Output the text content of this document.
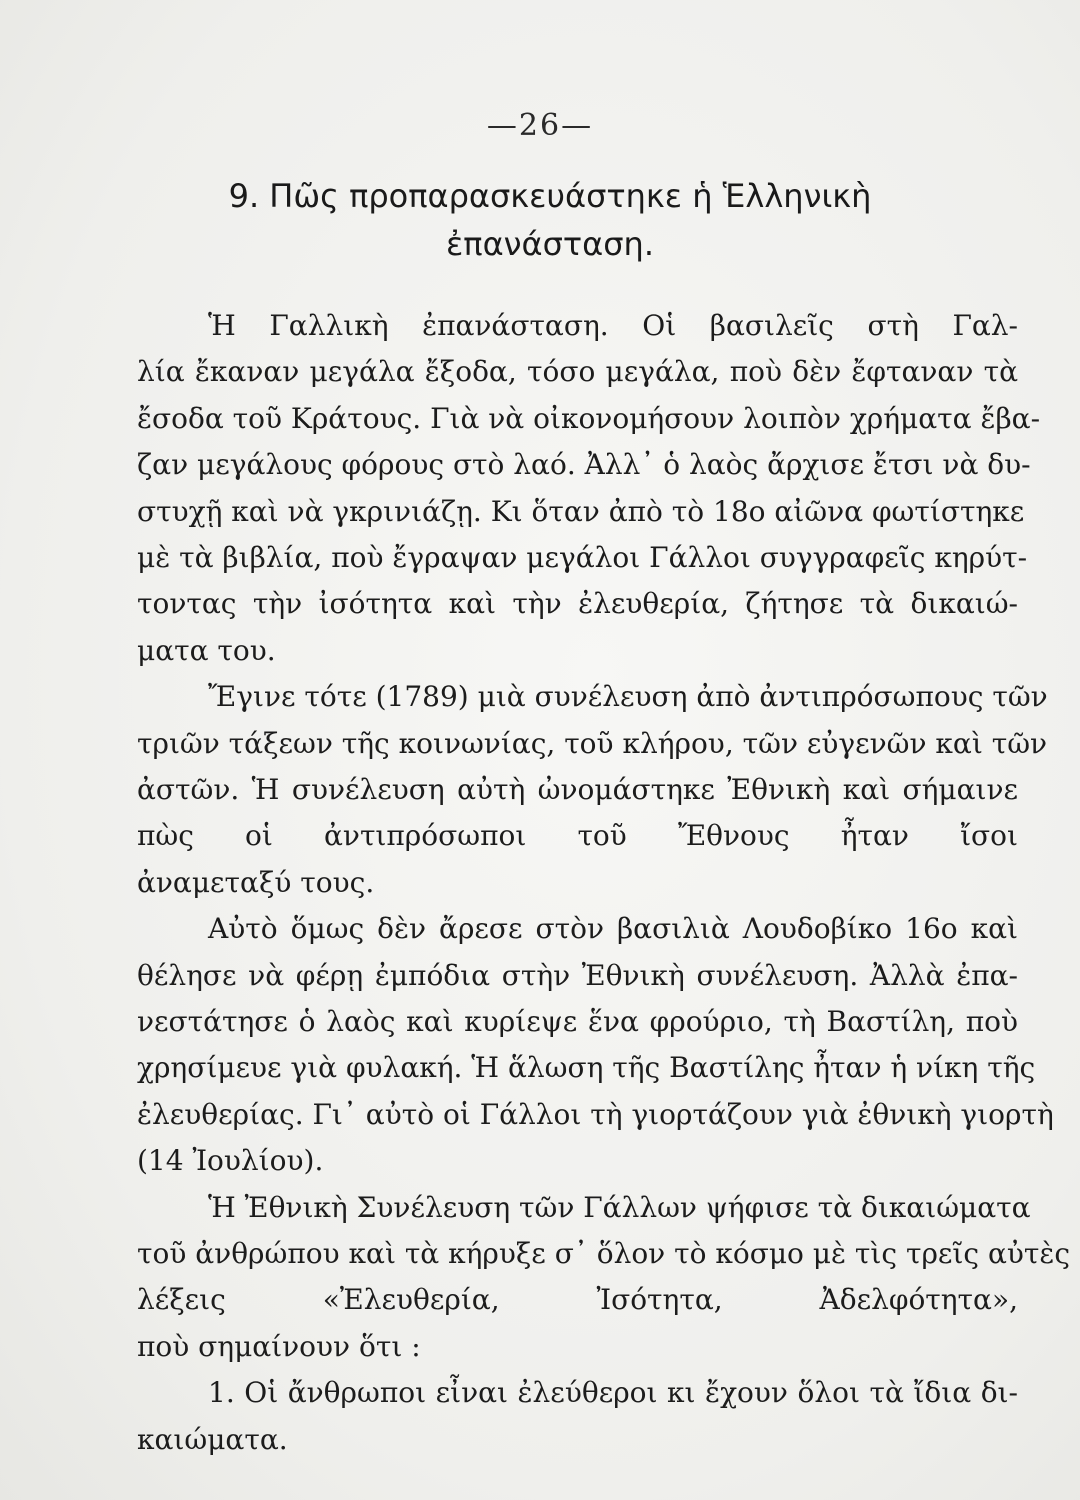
—26—
9. Πῶς προπαρασκευάστηκε ἡ Ἑλληνικὴ
ἐπανάσταση.
Ἡ Γαλλικὴ ἐπανάσταση. Οἱ βασιλεῖς στὴ Γαλ-
λία ἔκαναν μεγάλα ἔξοδα, τόσο μεγάλα, ποὺ δὲν ἔφταναν τὰ
ἔσοδα τοῦ Κράτους. Γιὰ νὰ οἰκονομήσουν λοιπὸν χρήματα ἔβα-
ζαν μεγάλους φόρους στὸ λαό. Ἀλλ᾽ ὁ λαὸς ἄρχισε ἔτσι νὰ δυ-
στυχῇ καὶ νὰ γκρινιάζῃ. Κι ὅταν ἀπὸ τὸ 18ο αἰῶνα φωτίστηκε
μὲ τὰ βιβλία, ποὺ ἔγραψαν μεγάλοι Γάλλοι συγγραφεῖς κηρύτ-
τοντας τὴν ἰσότητα καὶ τὴν ἐλευθερία, ζήτησε τὰ δικαιώ-
ματα του.
Ἔγινε τότε (1789) μιὰ συνέλευση ἀπὸ ἀντιπρόσωπους τῶν
τριῶν τάξεων τῆς κοινωνίας, τοῦ κλήρου, τῶν εὐγενῶν καὶ τῶν
ἀστῶν. Ἡ συνέλευση αὐτὴ ὠνομάστηκε Ἐθνικὴ καὶ σήμαινε
πὼς οἱ ἀντιπρόσωποι τοῦ Ἔθνους ἦταν ἴσοι
ἀναμεταξύ τους.
Αὐτὸ ὅμως δὲν ἄρεσε στὸν βασιλιὰ Λουδοβίκο 16ο καὶ
θέλησε νὰ φέρῃ ἐμπόδια στὴν Ἐθνικὴ συνέλευση. Ἀλλὰ ἐπα-
νεστάτησε ὁ λαὸς καὶ κυρίεψε ἕνα φρούριο, τὴ Βαστίλη, ποὺ
χρησίμευε γιὰ φυλακή. Ἡ ἅλωση τῆς Βαστίλης ἦταν ἡ νίκη τῆς
ἐλευθερίας. Γι᾽ αὐτὸ οἱ Γάλλοι τὴ γιορτάζουν γιὰ ἐθνικὴ γιορτὴ
(14 Ἰουλίου).
Ἡ Ἐθνικὴ Συνέλευση τῶν Γάλλων ψήφισε τὰ δικαιώματα
τοῦ ἀνθρώπου καὶ τὰ κήρυξε σ᾽ ὅλον τὸ κόσμο μὲ τὶς τρεῖς αὐτὲς
λέξεις «Ἐλευθερία, Ἰσότητα, Ἀδελφότητα»,
ποὺ σημαίνουν ὅτι :
1. Οἱ ἄνθρωποι εἶναι ἐλεύθεροι κι ἔχουν ὅλοι τὰ ἴδια δι-
καιώματα.
